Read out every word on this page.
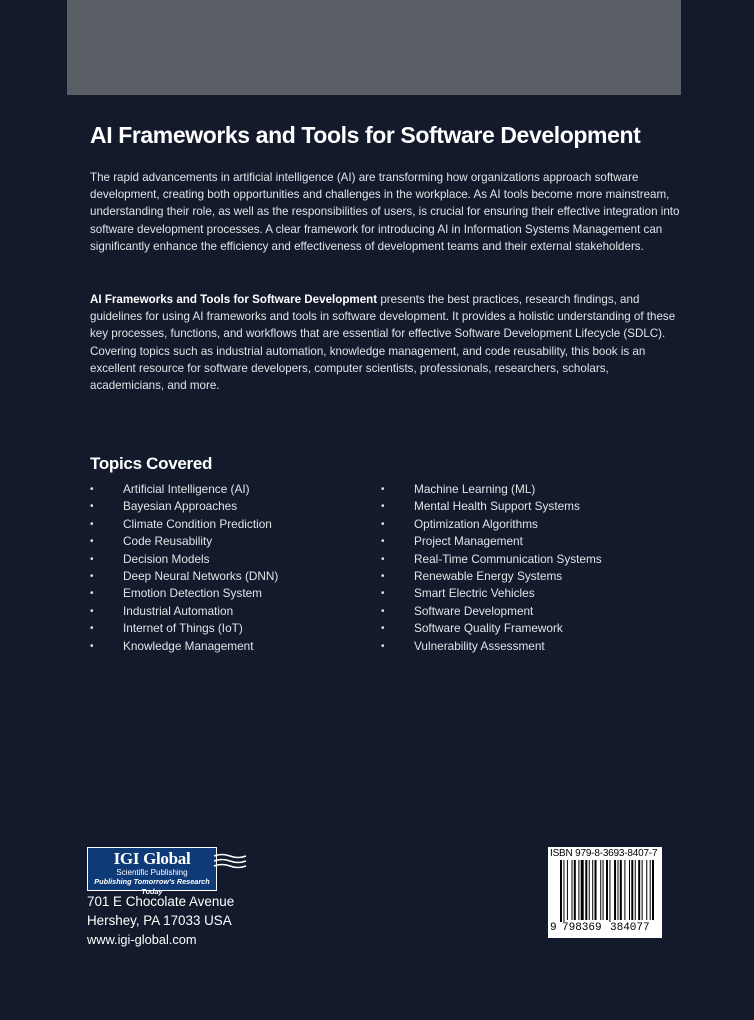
AI Frameworks and Tools for Software Development

The rapid advancements in artificial intelligence (AI) are transforming how organizations approach software development, creating both opportunities and challenges in the workplace. As AI tools become more mainstream, understanding their role, as well as the responsibilities of users, is crucial for ensuring their effective integration into software development processes. A clear framework for introducing AI in Information Systems Management can significantly enhance the efficiency and effectiveness of development teams and their external stakeholders.

AI Frameworks and Tools for Software Development presents the best practices, research findings, and guidelines for using AI frameworks and tools in software development. It provides a holistic understanding of these key processes, functions, and workflows that are essential for effective Software Development Lifecycle (SDLC). Covering topics such as industrial automation, knowledge management, and code reusability, this book is an excellent resource for software developers, computer scientists, professionals, researchers, scholars, academicians, and more.

Topics Covered
• Artificial Intelligence (AI)
• Bayesian Approaches
• Climate Condition Prediction
• Code Reusability
• Decision Models
• Deep Neural Networks (DNN)
• Emotion Detection System
• Industrial Automation
• Internet of Things (IoT)
• Knowledge Management
• Machine Learning (ML)
• Mental Health Support Systems
• Optimization Algorithms
• Project Management
• Real-Time Communication Systems
• Renewable Energy Systems
• Smart Electric Vehicles
• Software Development
• Software Quality Framework
• Vulnerability Assessment
IGI Global
Scientific Publishing
Publishing Tomorrow's Research Today

701 E Chocolate Avenue

Hershey, PA 17033 USA

www.igi-global.com

ISBN 979-8-3693-8407-7
9 798369 384077
